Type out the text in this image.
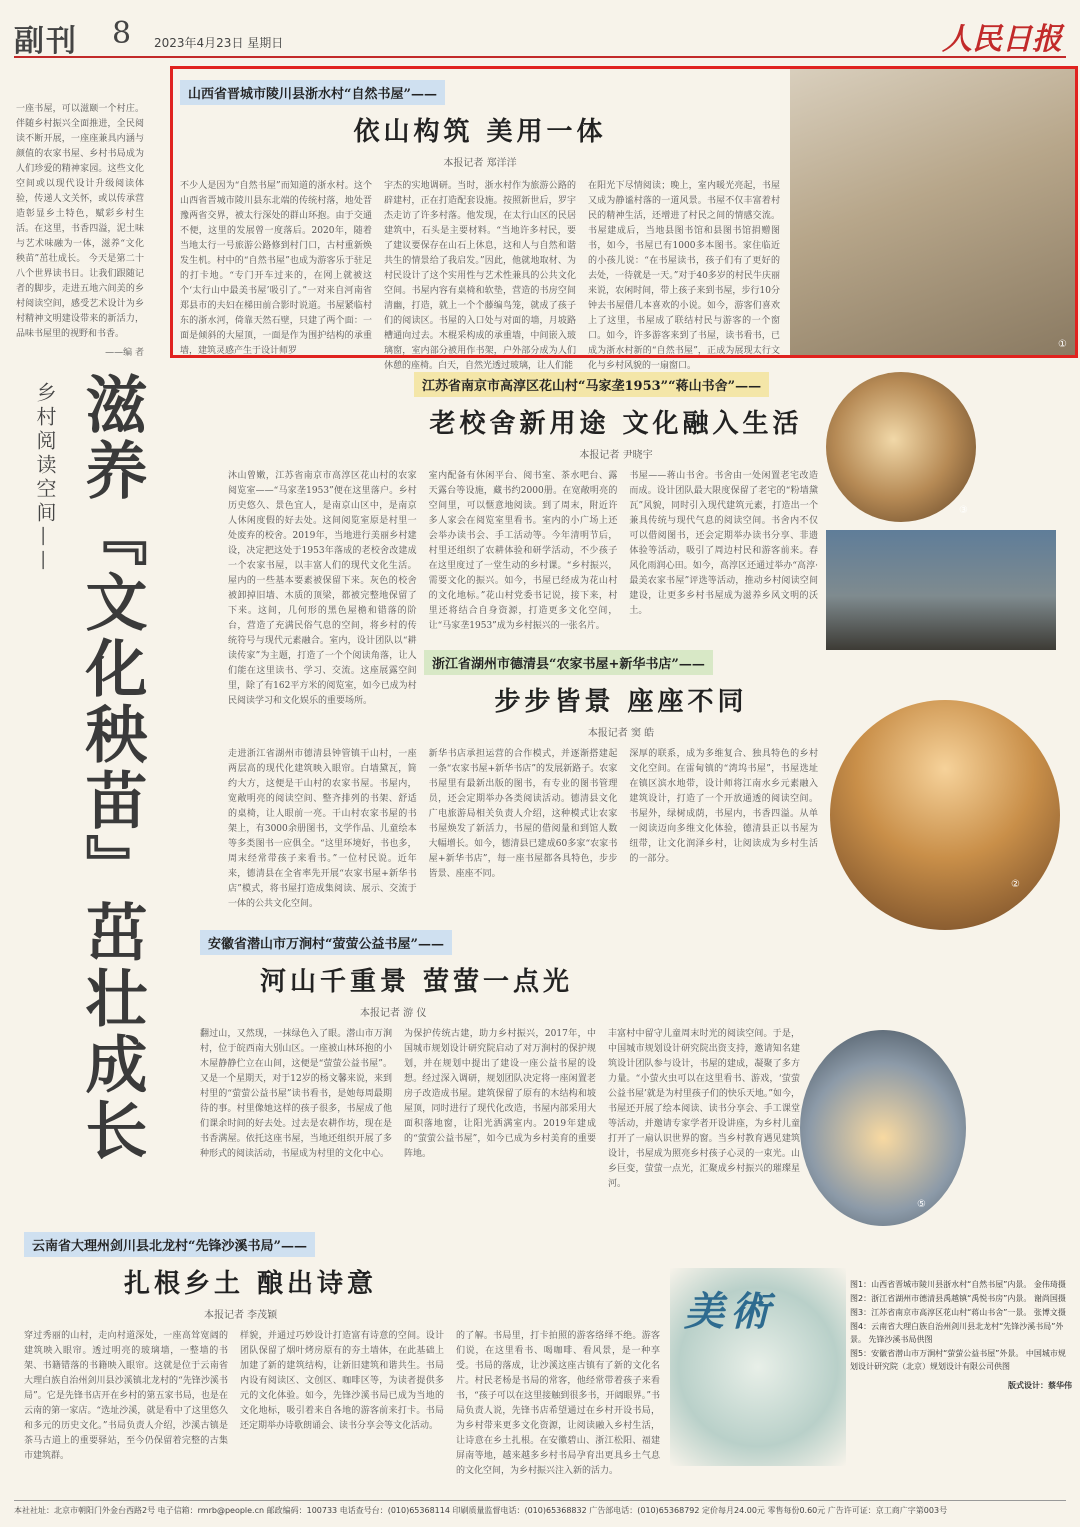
副刊 8 2023年4月23日 星期日	人民日报
一座书屋，可以滋颐一个村庄。 伴随乡村振兴全面推进，全民阅读不断开展，一座座兼具内涵与颜值的农家书屋、乡村书局成为人们珍爱的精神家园。这些文化空间或以现代设计升级阅读体验，传递人文关怀，或以传承营造彰显乡土特色，赋彩乡村生活。在这里，书香四溢，泥土味与艺术味融为一体，滋养“文化秧苗”茁壮成长。 今天是第二十八个世界读书日。让我们跟随记者的脚步，走进五地六间美的乡村阅读空间，感受艺术设计为乡村精神文明建设带来的新活力，品味书屋里的视野和书香。
——编 者
乡村阅读空间—— 滋养『文化秧苗』茁壮成长
山西省晋城市陵川县浙水村“自然书屋”——
依山构筑 美用一体
本报记者 郑洋洋
不少人是因为“自然书屋”而知道的浙水村。这个山西省晋城市陵川县东北端的传统村落，地处晋豫两省交界，被太行深处的群山环抱。由于交通不便，这里的发展曾一度落后。2020年，随着当地太行一号旅游公路修到村门口，古村重新焕发生机。村中的“自然书屋”也成为游客乐于驻足的打卡地。“专门开车过来的，在网上就被这个‘太行山中最美书屋’吸引了。”一对来自河南省郑县市的夫妇在梯田前合影时说道。书屋紧临村东的浙水河，倚靠天然石壁，只建了两个面：一面是倾斜的大屋顶，一面是作为围护结构的承重墙，建筑灵感产生于设计师罗
宇杰的实地调研。当时，浙水村作为旅游公路的辟建村，正在打造配套设施。按照新世后，罗宇杰走访了许多村落。他发现，在太行山区的民居建筑中，石头是主要材料。“当地许多村民，要了建议要保存在山石上休息，这和人与自然和谐共生的情景给了我启发。”因此，他就地取材、为村民设计了这个实用性与艺术性兼具的公共文化空间。书屋内容有桌椅和软垫，营造的书房空间清幽，打造，就上一个个藤编鸟笼，就成了孩子们的阅读区。书屋的入口处与对面的墙，月坡路槽通向过去。木棍采构成的承重墙，中间嵌入玻璃窗，室内部分被用作书架，户外部分成为人们休憩的座椅。白天，自然光透过玻璃，让人们能
在阳光下尽情阅读；晚上，室内暖光亮起，书屋又成为静谧村落的一道风景。书屋不仅丰富着村民的精神生活，还增进了村民之间的情感交流。书屋建成后，当地县图书馆和县图书馆捐赠图书，如今，书屋已有1000多本图书。家住临近的小孩儿说：“在书屋读书，孩子们有了更好的去处，一待就是一天。”对于40多岁的村民牛庆丽来说，农闲时间，带上孩子来到书屋，步行10分钟去书屋借几本喜欢的小说。如今，游客们喜欢上了这里，书屋成了联结村民与游客的一个窗口。如今，许多游客来到了书屋，读书看书，已成为浙水村新的“自然书屋”，正成为展现太行文化与乡村风貌的一扇窗口。
①
江苏省南京市高淳区花山村“马家垄1953”“蒋山书舍”——
老校舍新用途 文化融入生活
本报记者 尹晓宇
沐山曾嫩，江苏省南京市高淳区花山村的农家阅览室——“马家垄1953”便在这里落户。乡村历史悠久、景色宜人，是南京山区中，是南京人休闲度假的好去处。这间阅览室原是村里一处废弃的校舍。2019年，当地进行美丽乡村建设，决定把这处于1953年落成的老校舍改建成一个农家书屋，以丰富人们的现代文化生活。屋内的一些基本要素被保留下来。灰色的校舍被卸掉旧墙、木质的顶梁，都被完整地保留了下来。这间，几何形的黑色屋檐和错落的阶台，营造了充满民俗气息的空间，将乡村的传统符号与现代元素融合。室内，设计团队以“耕读传家”为主题，打造了一个个阅读角落，让人们能在这里读书、学习、交流。这座展露空间里，除了有162平方米的阅览室，如今已成为村民阅读学习和文化娱乐的重要场所。
室内配备有休闲平台、阅书室、茶水吧台、露天露台等设施，藏书约2000册。在宽敞明亮的空间里，可以惬意地阅读。到了周末，附近许多人家会在阅览室里看书。室内的小广场上还会举办读书会、手工活动等。今年清明节后，村里还组织了农耕体验和研学活动，不少孩子在这里度过了一堂生动的乡村课。“乡村振兴，需要文化的振兴。如今，书屋已经成为花山村的文化地标。”花山村党委书记说，接下来，村里还将结合自身资源，打造更多文化空间，让“马家垄1953”成为乡村振兴的一张名片。
书屋——蒋山书舍。书舍由一处闲置老宅改造而成。设计团队最大限度保留了老宅的“粉墙黛瓦”风貌，同时引入现代建筑元素，打造出一个兼具传统与现代气息的阅读空间。书舍内不仅可以借阅图书，还会定期举办读书分享、非遗体验等活动，吸引了周边村民和游客前来。春风化雨润心田。如今，高淳区还通过举办“高淳·最美农家书屋”评选等活动，推动乡村阅读空间建设，让更多乡村书屋成为滋养乡风文明的沃土。
③
浙江省湖州市德清县“农家书屋+新华书店”——
步步皆景 座座不同
本报记者 窦 皓
走进浙江省湖州市德清县钟管镇干山村，一座两层高的现代化建筑映入眼帘。白墙黛瓦，简约大方，这便是干山村的农家书屋。书屋内，宽敞明亮的阅读空间、整齐排列的书架、舒适的桌椅，让人眼前一亮。干山村农家书屋的书架上，有3000余册图书，文学作品、儿童绘本等多类图书一应俱全。“这里环境好，书也多，周末经常带孩子来看书。”一位村民说。近年来，德清县在全省率先开展“农家书屋+新华书店”模式，将书屋打造成集阅读、展示、交流于一体的公共文化空间。
新华书店承担运营的合作模式，并逐渐搭建起一条“农家书屋+新华书店”的发展新路子。农家书屋里有最新出版的图书，有专业的图书管理员，还会定期举办各类阅读活动。德清县文化广电旅游局相关负责人介绍，这种模式让农家书屋焕发了新活力，书屋的借阅量和到馆人数大幅增长。如今，德清县已建成60多家“农家书屋+新华书店”，每一座书屋都各具特色，步步皆景、座座不同。
深厚的联系，成为多维复合、独具特色的乡村文化空间。在雷甸镇的“湾坞书屋”，书屋选址在镇区滨水地带，设计师将江南水乡元素融入建筑设计，打造了一个开放通透的阅读空间。书屋外，绿树成荫，书屋内，书香四溢。从单一阅读迈向多维文化体验，德清县正以书屋为纽带，让文化润泽乡村，让阅读成为乡村生活的一部分。
②
安徽省潜山市万涧村“萤萤公益书屋”——
河山千重景 萤萤一点光
本报记者 游 仪
翻过山，又然现，一抹绿色入了眼。潜山市万涧村，位于皖西南大别山区。一座被山林环抱的小木屋静静伫立在山间，这便是“萤萤公益书屋”。又是一个星期天，对于12岁的杨文馨来说，来到村里的“萤萤公益书屋”读书看书，是她每周最期待的事。村里像她这样的孩子很多，书屋成了他们课余时间的好去处。过去是农耕作坊，现在是书香满屋。依托这座书屋，当地还组织开展了多种形式的阅读活动，书屋成为村里的文化中心。
为保护传统古建，助力乡村振兴，2017年，中国城市规划设计研究院启动了对万涧村的保护规划，并在规划中提出了建设一座公益书屋的设想。经过深入调研，规划团队决定将一座闲置老房子改造成书屋。建筑保留了原有的木结构和坡屋顶，同时进行了现代化改造，书屋内部采用大面积落地窗，让阳光洒满室内。2019年建成的“萤萤公益书屋”，如今已成为乡村美育的重要阵地。
丰富村中留守儿童周末时光的阅读空间。于是，中国城市规划设计研究院出资支持，邀请知名建筑设计团队参与设计，书屋的建成，凝聚了多方力量。“小萤火虫可以在这里看书、游戏，‘萤萤公益书屋’就是为村里孩子们的快乐天地。”如今，书屋还开展了绘本阅读、读书分享会、手工课堂等活动，并邀请专家学者开设讲座，为乡村儿童打开了一扇认识世界的窗。当乡村教育遇见建筑设计，书屋成为照亮乡村孩子心灵的一束光。山乡巨变，萤萤一点光，汇聚成乡村振兴的璀璨星河。
⑤
云南省大理州剑川县北龙村“先锋沙溪书局”——
扎根乡土 酿出诗意
本报记者 李茂颖
穿过秀丽的山村，走向村道深处，一座高耸宽阔的建筑映入眼帘。透过明亮的玻璃墙，一整墙的书架、书籍错落的书籍映入眼帘。这就是位于云南省大理白族自治州剑川县沙溪镇北龙村的“先锋沙溪书局”。它是先锋书店开在乡村的第五家书局，也是在云南的第一家店。“选址沙溪，就是看中了这里悠久和多元的历史文化。”书局负责人介绍，沙溪古镇是茶马古道上的重要驿站，至今仍保留着完整的古集市建筑群。
样貌，并通过巧妙设计打造富有诗意的空间。设计团队保留了烟叶烤房原有的夯土墙体，在此基础上加建了新的建筑结构，让新旧建筑和谐共生。书局内设有阅读区、文创区、咖啡区等，为读者提供多元的文化体验。如今，先锋沙溪书局已成为当地的文化地标，吸引着来自各地的游客前来打卡。书局还定期举办诗歌朗诵会、读书分享会等文化活动。
的了解。书局里，打卡拍照的游客络绎不绝。游客们说，在这里看书、喝咖啡、看风景，是一种享受。书局的落成，让沙溪这座古镇有了新的文化名片。村民老杨是书局的常客，他经常带着孩子来看书，“孩子可以在这里接触到很多书，开阔眼界。”书局负责人说，先锋书店希望通过在乡村开设书局，为乡村带来更多文化资源，让阅读融入乡村生活，让诗意在乡土扎根。在安徽碧山、浙江松阳、福建屏南等地，越来越多乡村书局孕育出更具乡土气息的文化空间，为乡村振兴注入新的活力。
美術

图1：山西省晋城市陵川县浙水村“自然书屋”内景。 金伟琦摄

图2：浙江省湖州市德清县禹越镇“禹悦书房”内景。 谢尚国摄

图3：江苏省南京市高淳区花山村“蒋山书舍”一景。 张博文摄

图4：云南省大理白族自治州剑川县北龙村“先锋沙溪书局”外景。 先锋沙溪书局供图

图5：安徽省潜山市万涧村“萤萤公益书屋”外景。 中国城市规划设计研究院（北京）规划设计有限公司供图

版式设计：蔡华伟

本社社址：北京市朝阳门外金台西路2号 电子信箱：rmrb@people.cn 邮政编码：100733 电话查号台：(010)65368114 印刷质量监督电话：(010)65368832 广告部电话：(010)65368792 定价每月24.00元 零售每份0.60元 广告许可证：京工商广字第003号
